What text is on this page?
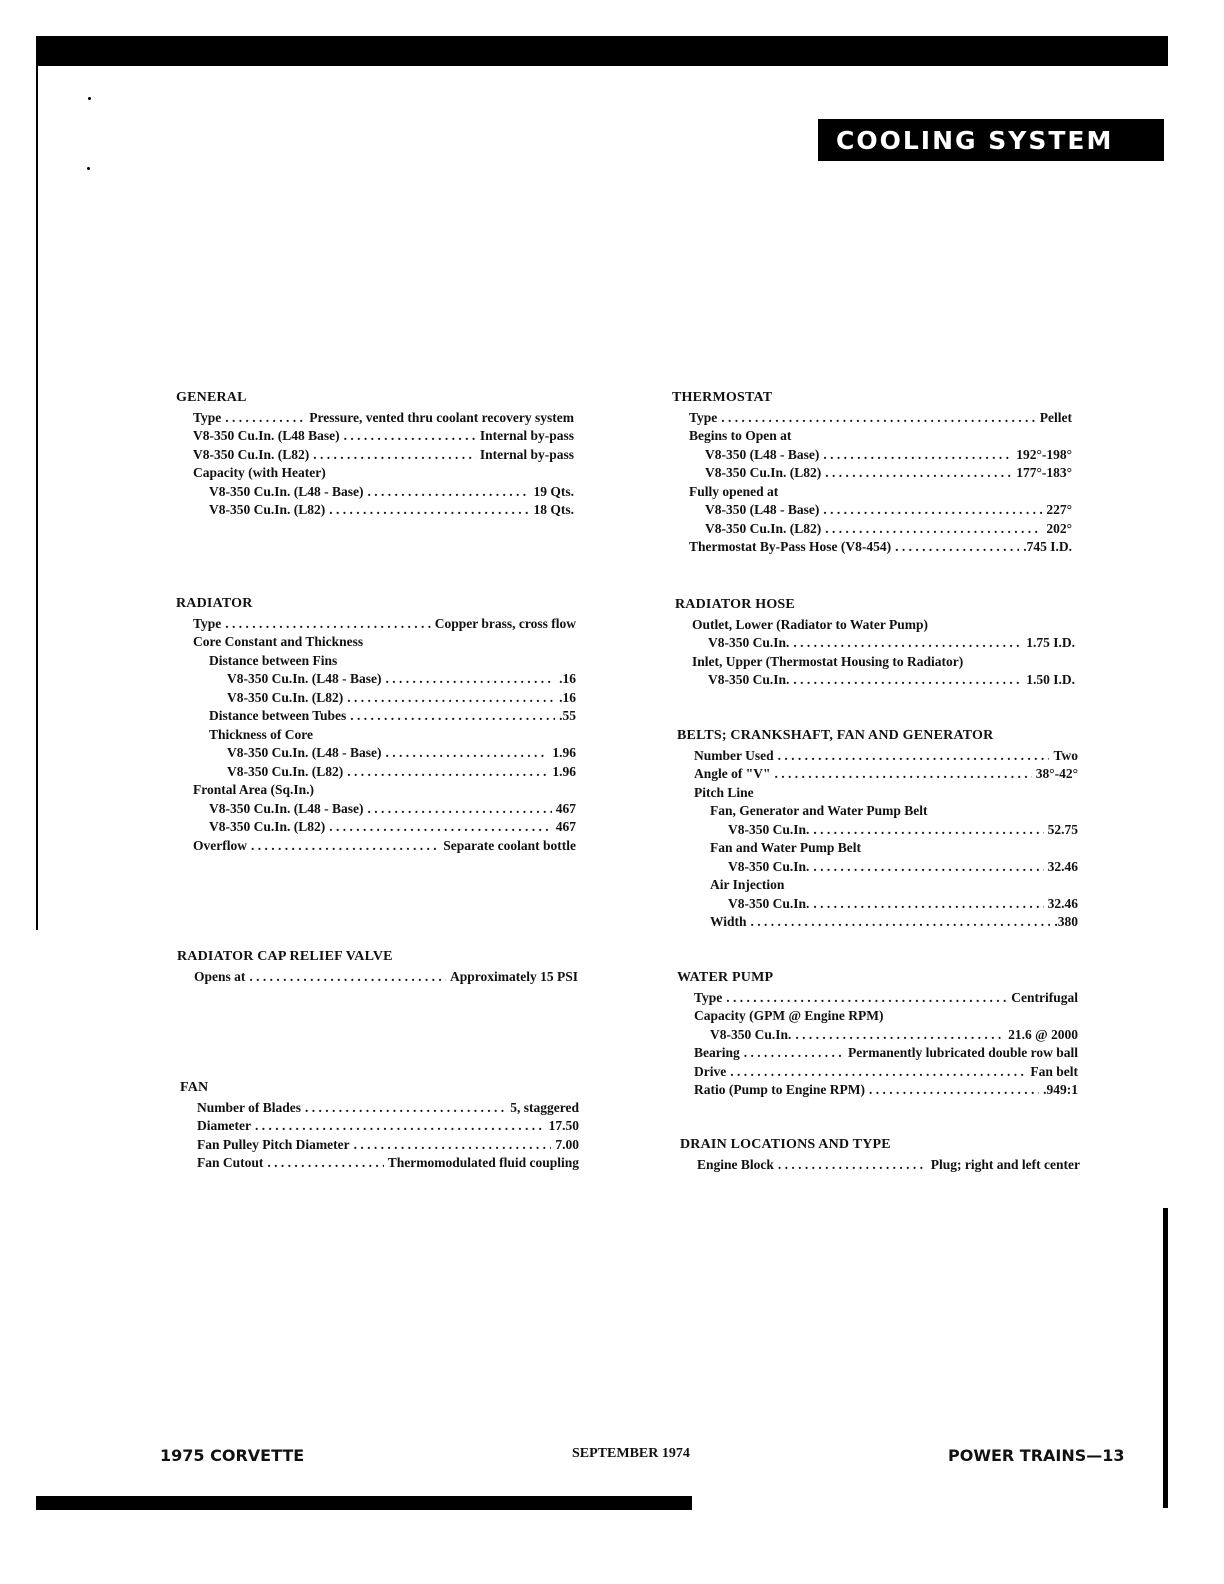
COOLING SYSTEM
GENERAL
Type . . .	Pressure, vented thru coolant recovery system
V8-350 Cu.In. (L48 Base) . . .	Internal by-pass
V8-350 Cu.In. (L82) . . .	Internal by-pass
Capacity (with Heater)
V8-350 Cu.In. (L48 - Base) . . .	19 Qts.
V8-350 Cu.In. (L82) . . .	18 Qts.
RADIATOR
Type . . .	Copper brass, cross flow
Core Constant and Thickness
Distance between Fins
V8-350 Cu.In. (L48 - Base) . . .	.16
V8-350 Cu.In. (L82) . . .	.16
Distance between Tubes . . .	.55
Thickness of Core
V8-350 Cu.In. (L48 - Base) . . .	1.96
V8-350 Cu.In. (L82) . . .	1.96
Frontal Area (Sq.In.)
V8-350 Cu.In. (L48 - Base) . . .	467
V8-350 Cu.In. (L82) . . .	467
Overflow . . .	Separate coolant bottle
RADIATOR CAP RELIEF VALVE
Opens at . . .	Approximately 15 PSI
FAN
Number of Blades . . .	5, staggered
Diameter . . .	17.50
Fan Pulley Pitch Diameter . . .	7.00
Fan Cutout . . .	Thermomodulated fluid coupling
THERMOSTAT
Type . . .	Pellet
Begins to Open at
V8-350 (L48 - Base) . . .	192°-198°
V8-350 Cu.In. (L82) . . .	177°-183°
Fully opened at
V8-350 (L48 - Base) . . .	227°
V8-350 Cu.In. (L82) . . .	202°
Thermostat By-Pass Hose (V8-454) . . .	.745 I.D.
RADIATOR HOSE
Outlet, Lower (Radiator to Water Pump)
V8-350 Cu.In. . . .	1.75 I.D.
Inlet, Upper (Thermostat Housing to Radiator)
V8-350 Cu.In. . . .	1.50 I.D.
BELTS; CRANKSHAFT, FAN AND GENERATOR
Number Used . . .	Two
Angle of "V" . . .	38°-42°
Pitch Line
Fan, Generator and Water Pump Belt
V8-350 Cu.In. . . .	52.75
Fan and Water Pump Belt
V8-350 Cu.In. . . .	32.46
Air Injection
V8-350 Cu.In. . . .	32.46
Width . . .	.380
WATER PUMP
Type . . .	Centrifugal
Capacity (GPM @ Engine RPM)
V8-350 Cu.In. . . .	21.6 @ 2000
Bearing . . .	Permanently lubricated double row ball
Drive . . .	Fan belt
Ratio (Pump to Engine RPM) . . .	.949:1
DRAIN LOCATIONS AND TYPE
Engine Block . . .	Plug; right and left center
1975 CORVETTE	SEPTEMBER 1974	POWER TRAINS—13
